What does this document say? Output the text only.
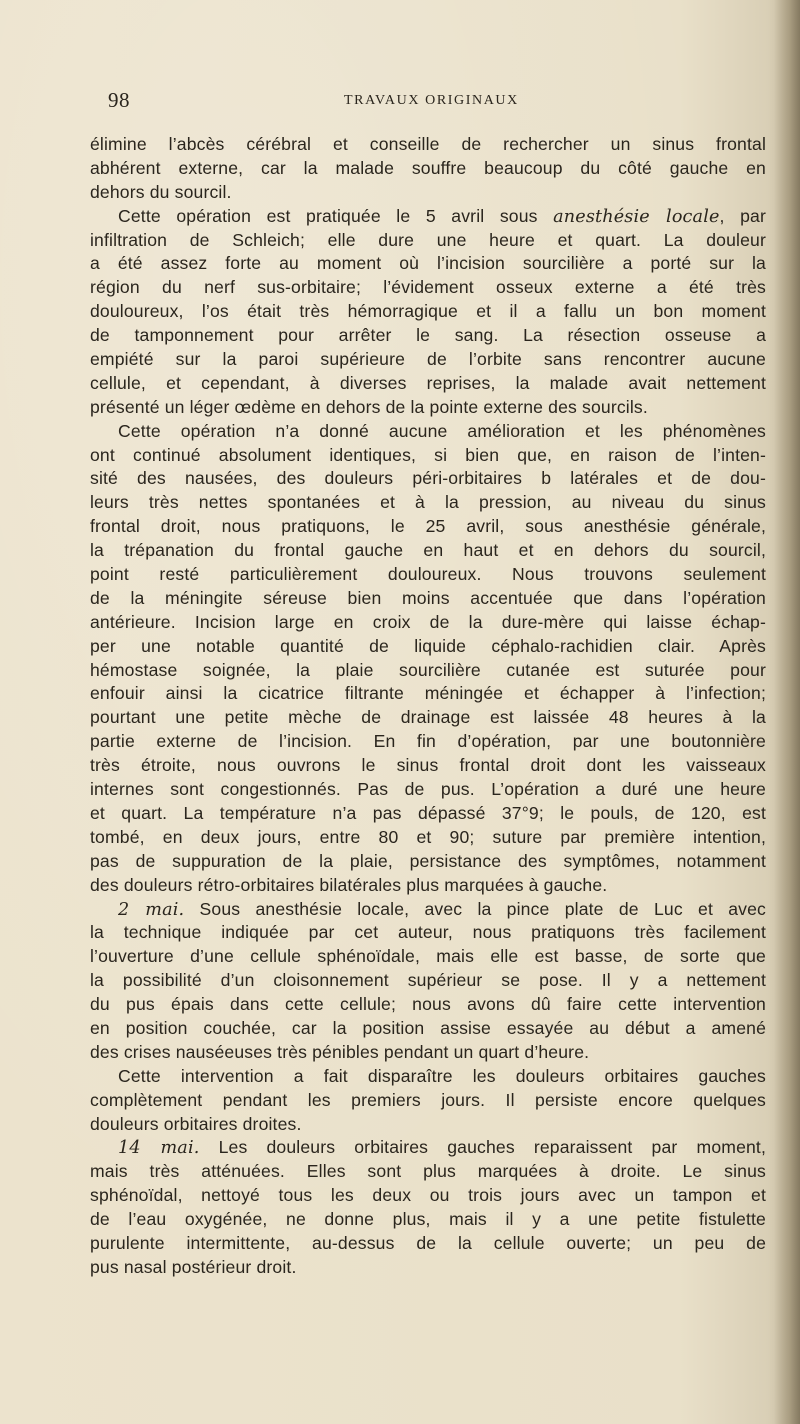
98	TRAVAUX ORIGINAUX
élimine l’abcès cérébral et conseille de rechercher un sinus frontal
abhérent externe, car la malade souffre beaucoup du côté gauche en
dehors du sourcil.
Cette opération est pratiquée le 5 avril sous anesthésie locale, par
infiltration de Schleich; elle dure une heure et quart. La douleur
a été assez forte au moment où l’incision sourcilière a porté sur la
région du nerf sus-orbitaire; l’évidement osseux externe a été très
douloureux, l’os était très hémorragique et il a fallu un bon moment
de tamponnement pour arrêter le sang. La résection osseuse a
empiété sur la paroi supérieure de l’orbite sans rencontrer aucune
cellule, et cependant, à diverses reprises, la malade avait nettement
présenté un léger œdème en dehors de la pointe externe des sourcils.
Cette opération n’a donné aucune amélioration et les phénomènes
ont continué absolument identiques, si bien que, en raison de l’inten-
sité des nausées, des douleurs péri-orbitaires b latérales et de dou-
leurs très nettes spontanées et à la pression, au niveau du sinus
frontal droit, nous pratiquons, le 25 avril, sous anesthésie générale,
la trépanation du frontal gauche en haut et en dehors du sourcil,
point resté particulièrement douloureux. Nous trouvons seulement
de la méningite séreuse bien moins accentuée que dans l’opération
antérieure. Incision large en croix de la dure-mère qui laisse échap-
per une notable quantité de liquide céphalo-rachidien clair. Après
hémostase soignée, la plaie sourcilière cutanée est suturée pour
enfouir ainsi la cicatrice filtrante méningée et échapper à l’infection;
pourtant une petite mèche de drainage est laissée 48 heures à la
partie externe de l’incision. En fin d’opération, par une boutonnière
très étroite, nous ouvrons le sinus frontal droit dont les vaisseaux
internes sont congestionnés. Pas de pus. L’opération a duré une heure
et quart. La température n’a pas dépassé 37°9; le pouls, de 120, est
tombé, en deux jours, entre 80 et 90; suture par première intention,
pas de suppuration de la plaie, persistance des symptômes, notamment
des douleurs rétro-orbitaires bilatérales plus marquées à gauche.
2 mai. Sous anesthésie locale, avec la pince plate de Luc et avec
la technique indiquée par cet auteur, nous pratiquons très facilement
l’ouverture d’une cellule sphénoïdale, mais elle est basse, de sorte que
la possibilité d’un cloisonnement supérieur se pose. Il y a nettement
du pus épais dans cette cellule; nous avons dû faire cette intervention
en position couchée, car la position assise essayée au début a amené
des crises nauséeuses très pénibles pendant un quart d’heure.
Cette intervention a fait disparaître les douleurs orbitaires gauches
complètement pendant les premiers jours. Il persiste encore quelques
douleurs orbitaires droites.
14 mai. Les douleurs orbitaires gauches reparaissent par moment,
mais très atténuées. Elles sont plus marquées à droite. Le sinus
sphénoïdal, nettoyé tous les deux ou trois jours avec un tampon et
de l’eau oxygénée, ne donne plus, mais il y a une petite fistulette
purulente intermittente, au-dessus de la cellule ouverte; un peu de
pus nasal postérieur droit.
